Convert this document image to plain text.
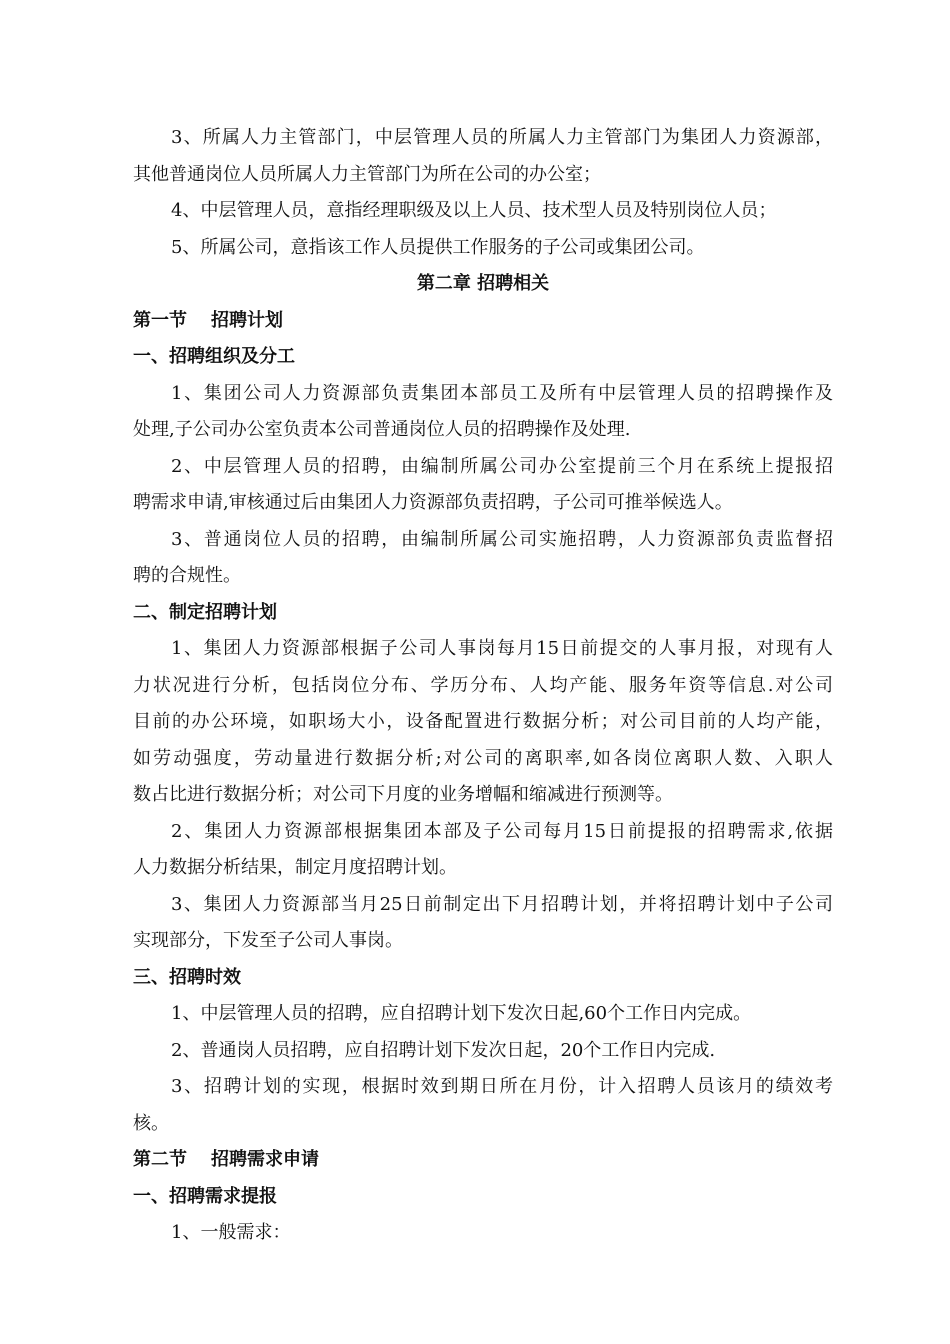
3、所属人力主管部门，中层管理人员的所属人力主管部门为集团人力资源部，
其他普通岗位人员所属人力主管部门为所在公司的办公室；
4、中层管理人员，意指经理职级及以上人员、技术型人员及特别岗位人员；
5、所属公司，意指该工作人员提供工作服务的子公司或集团公司。
第二章 招聘相关
第一节 招聘计划
一、招聘组织及分工
1、集团公司人力资源部负责集团本部员工及所有中层管理人员的招聘操作及
处理,子公司办公室负责本公司普通岗位人员的招聘操作及处理.
2、中层管理人员的招聘，由编制所属公司办公室提前三个月在系统上提报招
聘需求申请,审核通过后由集团人力资源部负责招聘，子公司可推举候选人。
3、普通岗位人员的招聘，由编制所属公司实施招聘，人力资源部负责监督招
聘的合规性。
二、制定招聘计划
1、集团人力资源部根据子公司人事岗每月15日前提交的人事月报，对现有人
力状况进行分析，包括岗位分布、学历分布、人均产能、服务年资等信息.对公司
目前的办公环境，如职场大小，设备配置进行数据分析；对公司目前的人均产能，
如劳动强度，劳动量进行数据分析;对公司的离职率,如各岗位离职人数、入职人
数占比进行数据分析；对公司下月度的业务增幅和缩减进行预测等。
2、集团人力资源部根据集团本部及子公司每月15日前提报的招聘需求,依据
人力数据分析结果，制定月度招聘计划。
3、集团人力资源部当月25日前制定出下月招聘计划，并将招聘计划中子公司
实现部分，下发至子公司人事岗。
三、招聘时效
1、中层管理人员的招聘，应自招聘计划下发次日起,60个工作日内完成。
2、普通岗人员招聘，应自招聘计划下发次日起，20个工作日内完成.
3、招聘计划的实现，根据时效到期日所在月份，计入招聘人员该月的绩效考
核。
第二节 招聘需求申请
一、招聘需求提报
1、一般需求：
